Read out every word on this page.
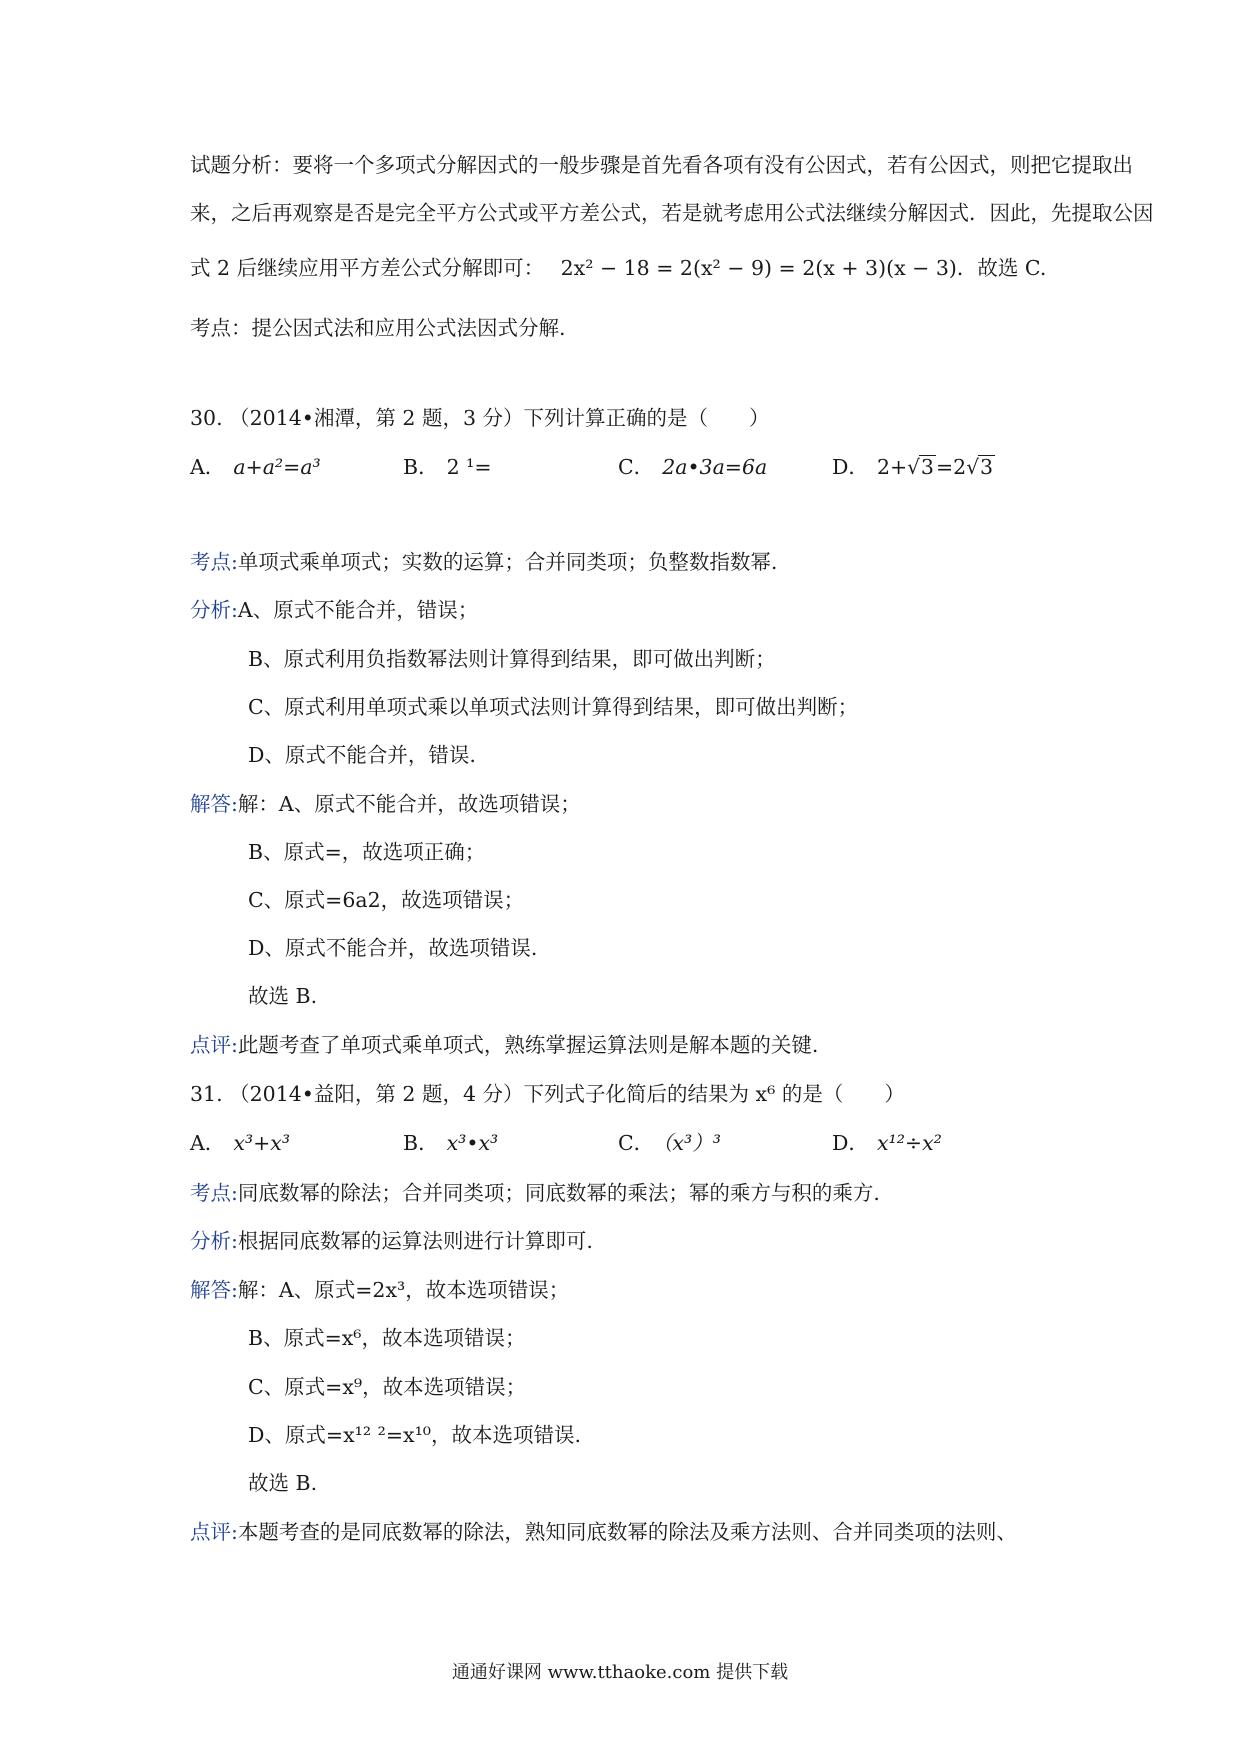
试题分析：要将一个多项式分解因式的一般步骤是首先看各项有没有公因式，若有公因式，则把它提取出
来，之后再观察是否是完全平方公式或平方差公式，若是就考虑用公式法继续分解因式．因此，先提取公因
式 2 后继续应用平方差公式分解即可： 2x² − 18 = 2(x² − 9) = 2(x + 3)(x − 3)．故选 C.
考点：提公因式法和应用公式法因式分解.
30. （2014•湘潭，第 2 题，3 分）下列计算正确的是（　　）
A． a+a²=a³	B． 2 ¹=	C． 2a•3a=6a	D． 2+√3=2√3
考点:单项式乘单项式；实数的运算；合并同类项；负整数指数幂.
分析:A、原式不能合并，错误；
B、原式利用负指数幂法则计算得到结果，即可做出判断；
C、原式利用单项式乘以单项式法则计算得到结果，即可做出判断；
D、原式不能合并，错误.
解答:解：A、原式不能合并，故选项错误；
B、原式=，故选项正确；
C、原式=6a2，故选项错误；
D、原式不能合并，故选项错误.
故选 B.
点评:此题考查了单项式乘单项式，熟练掌握运算法则是解本题的关键.
31. （2014•益阳，第 2 题，4 分）下列式子化简后的结果为 x⁶ 的是（　　）
A． x³+x³	B． x³•x³	C． （x³）³	D． x¹²÷x²
考点:同底数幂的除法；合并同类项；同底数幂的乘法；幂的乘方与积的乘方.
分析:根据同底数幂的运算法则进行计算即可.
解答:解：A、原式=2x³，故本选项错误；
B、原式=x⁶，故本选项错误；
C、原式=x⁹，故本选项错误；
D、原式=x¹² ²=x¹⁰，故本选项错误.
故选 B.
点评:本题考查的是同底数幂的除法，熟知同底数幂的除法及乘方法则、合并同类项的法则、
通通好课网 www.tthaoke.com 提供下载
